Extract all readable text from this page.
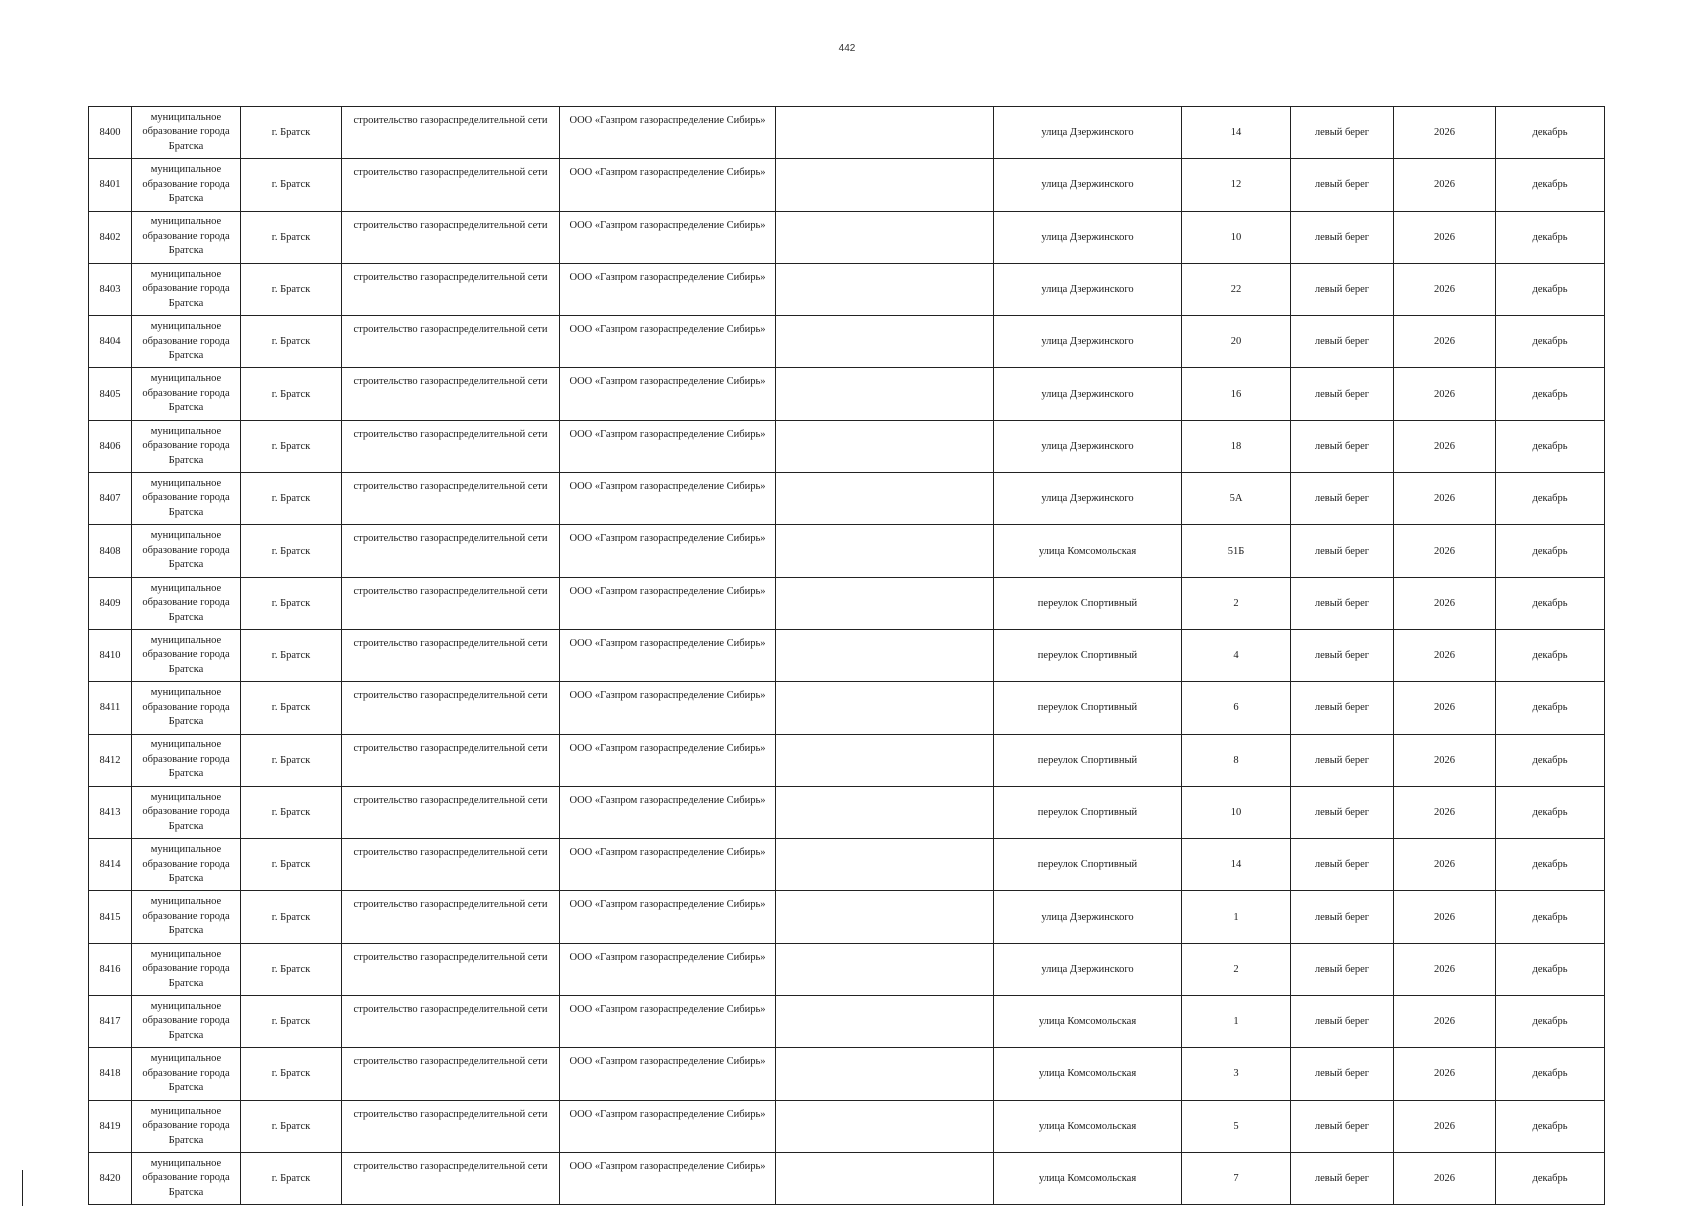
442
8400	муниципальное образование города Братска	г. Братск	строительство газораспределительной сети	ООО «Газпром газораспределение Сибирь»		улица Дзержинского	14	левый берег	2026	декабрь
8401	муниципальное образование города Братска	г. Братск	строительство газораспределительной сети	ООО «Газпром газораспределение Сибирь»		улица Дзержинского	12	левый берег	2026	декабрь
8402	муниципальное образование города Братска	г. Братск	строительство газораспределительной сети	ООО «Газпром газораспределение Сибирь»		улица Дзержинского	10	левый берег	2026	декабрь
8403	муниципальное образование города Братска	г. Братск	строительство газораспределительной сети	ООО «Газпром газораспределение Сибирь»		улица Дзержинского	22	левый берег	2026	декабрь
8404	муниципальное образование города Братска	г. Братск	строительство газораспределительной сети	ООО «Газпром газораспределение Сибирь»		улица Дзержинского	20	левый берег	2026	декабрь
8405	муниципальное образование города Братска	г. Братск	строительство газораспределительной сети	ООО «Газпром газораспределение Сибирь»		улица Дзержинского	16	левый берег	2026	декабрь
8406	муниципальное образование города Братска	г. Братск	строительство газораспределительной сети	ООО «Газпром газораспределение Сибирь»		улица Дзержинского	18	левый берег	2026	декабрь
8407	муниципальное образование города Братска	г. Братск	строительство газораспределительной сети	ООО «Газпром газораспределение Сибирь»		улица Дзержинского	5А	левый берег	2026	декабрь
8408	муниципальное образование города Братска	г. Братск	строительство газораспределительной сети	ООО «Газпром газораспределение Сибирь»		улица Комсомольская	51Б	левый берег	2026	декабрь
8409	муниципальное образование города Братска	г. Братск	строительство газораспределительной сети	ООО «Газпром газораспределение Сибирь»		переулок Спортивный	2	левый берег	2026	декабрь
8410	муниципальное образование города Братска	г. Братск	строительство газораспределительной сети	ООО «Газпром газораспределение Сибирь»		переулок Спортивный	4	левый берег	2026	декабрь
8411	муниципальное образование города Братска	г. Братск	строительство газораспределительной сети	ООО «Газпром газораспределение Сибирь»		переулок Спортивный	6	левый берег	2026	декабрь
8412	муниципальное образование города Братска	г. Братск	строительство газораспределительной сети	ООО «Газпром газораспределение Сибирь»		переулок Спортивный	8	левый берег	2026	декабрь
8413	муниципальное образование города Братска	г. Братск	строительство газораспределительной сети	ООО «Газпром газораспределение Сибирь»		переулок Спортивный	10	левый берег	2026	декабрь
8414	муниципальное образование города Братска	г. Братск	строительство газораспределительной сети	ООО «Газпром газораспределение Сибирь»		переулок Спортивный	14	левый берег	2026	декабрь
8415	муниципальное образование города Братска	г. Братск	строительство газораспределительной сети	ООО «Газпром газораспределение Сибирь»		улица Дзержинского	1	левый берег	2026	декабрь
8416	муниципальное образование города Братска	г. Братск	строительство газораспределительной сети	ООО «Газпром газораспределение Сибирь»		улица Дзержинского	2	левый берег	2026	декабрь
8417	муниципальное образование города Братска	г. Братск	строительство газораспределительной сети	ООО «Газпром газораспределение Сибирь»		улица Комсомольская	1	левый берег	2026	декабрь
8418	муниципальное образование города Братска	г. Братск	строительство газораспределительной сети	ООО «Газпром газораспределение Сибирь»		улица Комсомольская	3	левый берег	2026	декабрь
8419	муниципальное образование города Братска	г. Братск	строительство газораспределительной сети	ООО «Газпром газораспределение Сибирь»		улица Комсомольская	5	левый берег	2026	декабрь
8420	муниципальное образование города Братска	г. Братск	строительство газораспределительной сети	ООО «Газпром газораспределение Сибирь»		улица Комсомольская	7	левый берег	2026	декабрь
